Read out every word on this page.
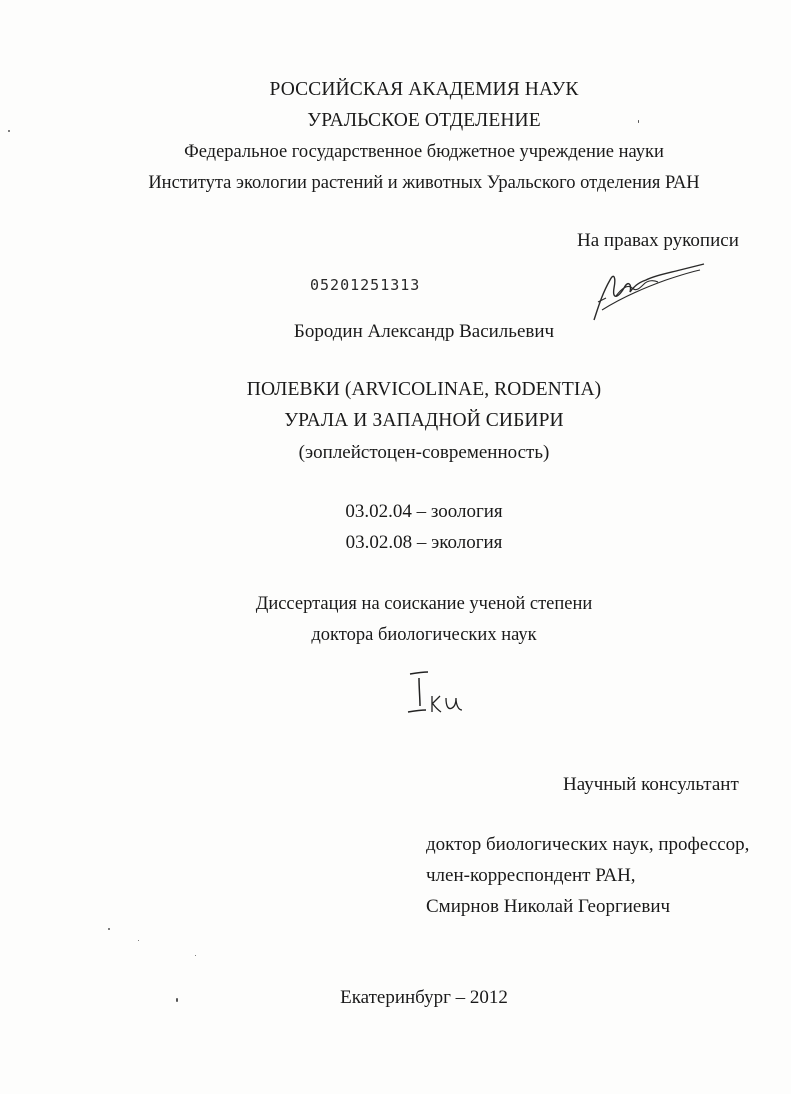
РОССИЙСКАЯ АКАДЕМИЯ НАУК
УРАЛЬСКОЕ ОТДЕЛЕНИЕ
Федеральное государственное бюджетное учреждение науки
Института экологии растений и животных Уральского отделения РАН
На правах рукописи
05201251313
Бородин Александр Васильевич
ПОЛЕВКИ (ARVICOLINAE, RODENTIA)
УРАЛА И ЗАПАДНОЙ СИБИРИ
(эоплейстоцен-современность)
03.02.04 – зоология
03.02.08 – экология
Диссертация на соискание ученой степени
доктора биологических наук
Научный консультант
доктор биологических наук, профессор,
член-корреспондент РАН,
Смирнов Николай Георгиевич
Екатеринбург – 2012
